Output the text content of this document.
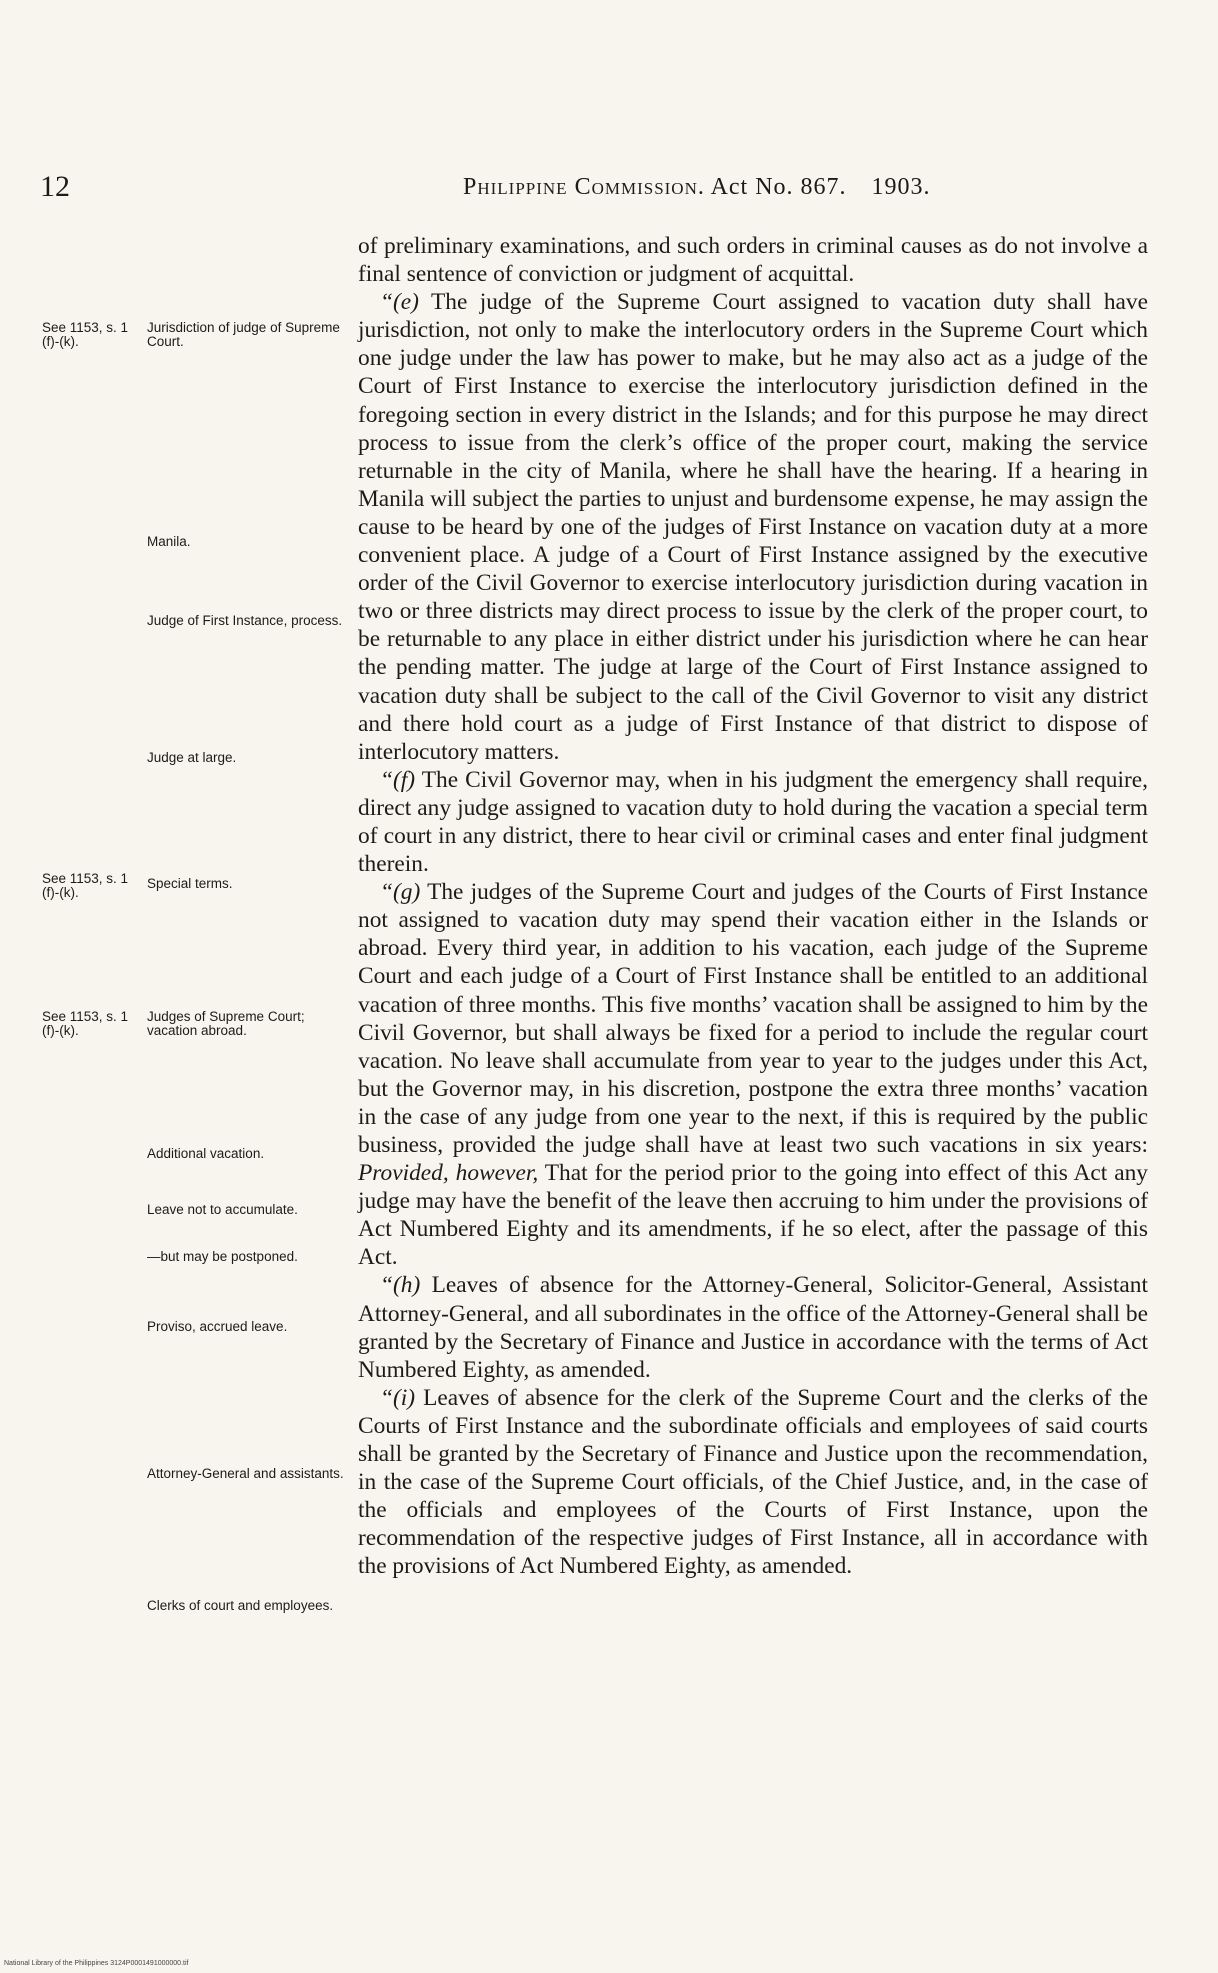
12	Philippine Commission. Act No. 867. 1903.
See 1153, s. 1 (f)-(k).
See 1153, s. 1 (f)-(k).
See 1153, s. 1 (f)-(k).
Jurisdiction of judge of Supreme Court.
Manila.
Judge of First Instance, process.
Judge at large.
Special terms.
Judges of Supreme Court; vacation abroad.
Additional vacation.
Leave not to accumulate.
—but may be postponed.
Proviso, accrued leave.
Attorney-General and assistants.
Clerks of court and employees.

of preliminary examinations, and such orders in criminal causes as do not involve a final sentence of conviction or judgment of acquittal.

“(e) The judge of the Supreme Court assigned to vacation duty shall have jurisdiction, not only to make the interlocutory orders in the Supreme Court which one judge under the law has power to make, but he may also act as a judge of the Court of First Instance to exercise the interlocutory jurisdiction defined in the foregoing section in every district in the Islands; and for this purpose he may direct process to issue from the clerk’s office of the proper court, making the service returnable in the city of Manila, where he shall have the hearing. If a hearing in Manila will subject the parties to unjust and burdensome expense, he may assign the cause to be heard by one of the judges of First Instance on vacation duty at a more convenient place. A judge of a Court of First Instance assigned by the executive order of the Civil Governor to exercise interlocutory jurisdiction during vacation in two or three districts may direct process to issue by the clerk of the proper court, to be returnable to any place in either district under his jurisdiction where he can hear the pending matter. The judge at large of the Court of First Instance assigned to vacation duty shall be subject to the call of the Civil Governor to visit any district and there hold court as a judge of First Instance of that district to dispose of interlocutory matters.

“(f) The Civil Governor may, when in his judgment the emergency shall require, direct any judge assigned to vacation duty to hold during the vacation a special term of court in any district, there to hear civil or criminal cases and enter final judgment therein.

“(g) The judges of the Supreme Court and judges of the Courts of First Instance not assigned to vacation duty may spend their vacation either in the Islands or abroad. Every third year, in addition to his vacation, each judge of the Supreme Court and each judge of a Court of First Instance shall be entitled to an additional vacation of three months. This five months’ vacation shall be assigned to him by the Civil Governor, but shall always be fixed for a period to include the regular court vacation. No leave shall accumulate from year to year to the judges under this Act, but the Governor may, in his discretion, postpone the extra three months’ vacation in the case of any judge from one year to the next, if this is required by the public business, provided the judge shall have at least two such vacations in six years: Provided, however, That for the period prior to the going into effect of this Act any judge may have the benefit of the leave then accruing to him under the provisions of Act Numbered Eighty and its amendments, if he so elect, after the passage of this Act.

“(h) Leaves of absence for the Attorney-General, Solicitor-General, Assistant Attorney-General, and all subordinates in the office of the Attorney-General shall be granted by the Secretary of Finance and Justice in accordance with the terms of Act Numbered Eighty, as amended.

“(i) Leaves of absence for the clerk of the Supreme Court and the clerks of the Courts of First Instance and the subordinate officials and employees of said courts shall be granted by the Secretary of Finance and Justice upon the recommendation, in the case of the Supreme Court officials, of the Chief Justice, and, in the case of the officials and employees of the Courts of First Instance, upon the recommendation of the respective judges of First Instance, all in accordance with the provisions of Act Numbered Eighty, as amended.

National Library of the Philippines 3124P0001491000000.tif
